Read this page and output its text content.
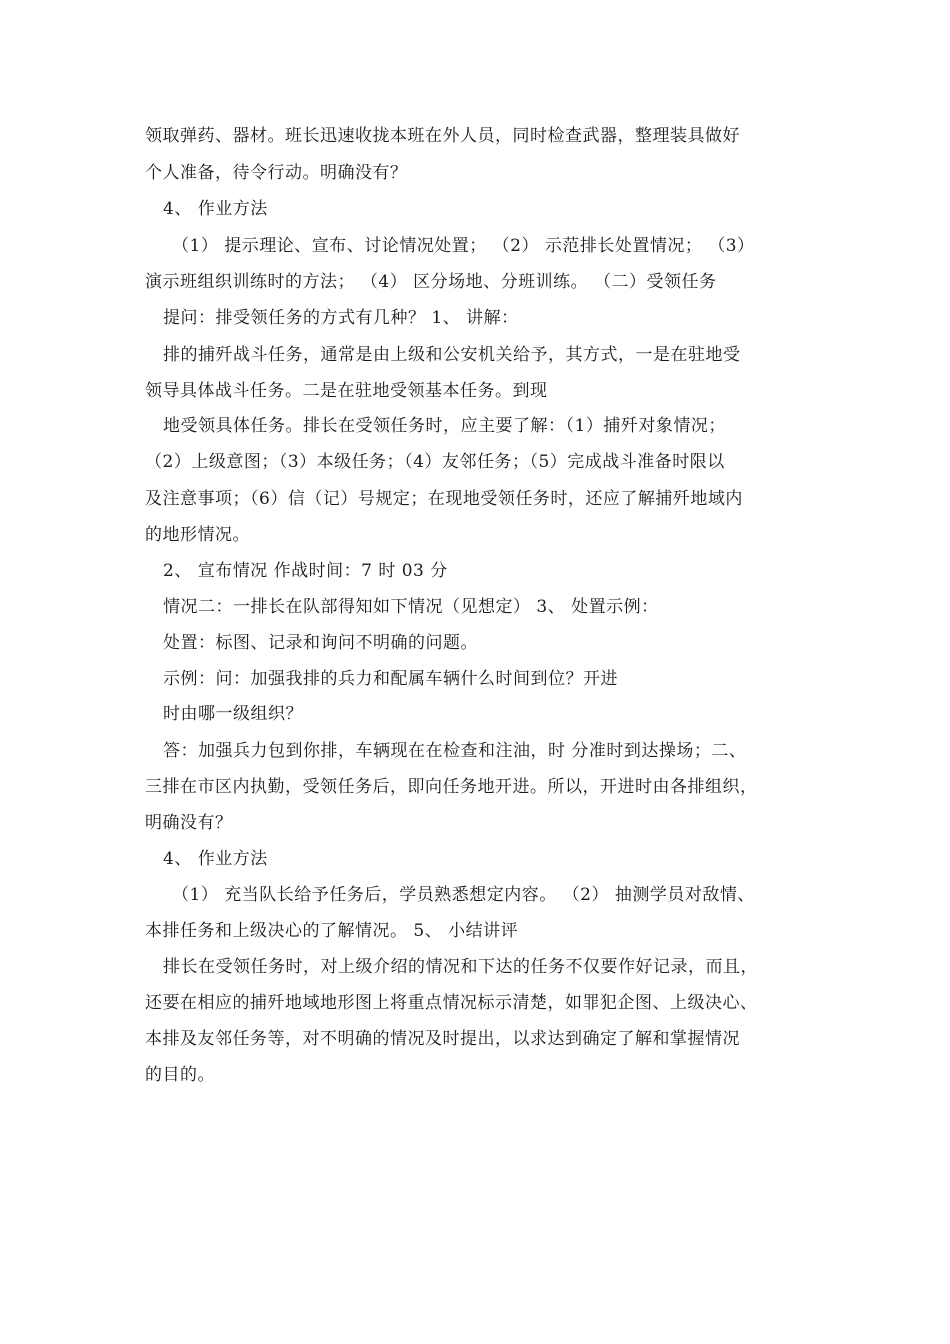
领取弹药、器材。班长迅速收拢本班在外人员，同时检查武器，整理装具做好
个人准备，待令行动。明确没有？
4、 作业方法
（1） 提示理论、宣布、讨论情况处置； （2） 示范排长处置情况； （3）
演示班组织训练时的方法； （4） 区分场地、分班训练。 （二）受领任务
提问：排受领任务的方式有几种？ 1、 讲解：
排的捕歼战斗任务，通常是由上级和公安机关给予，其方式，一是在驻地受
领导具体战斗任务。二是在驻地受领基本任务。到现
地受领具体任务。排长在受领任务时，应主要了解：（1）捕歼对象情况；
（2）上级意图；（3）本级任务；（4）友邻任务；（5）完成战斗准备时限以
及注意事项；（6）信（记）号规定；在现地受领任务时，还应了解捕歼地域内
的地形情况。
2、 宣布情况 作战时间：7 时 03 分
情况二：一排长在队部得知如下情况（见想定） 3、 处置示例：
处置：标图、记录和询问不明确的问题。
示例：问：加强我排的兵力和配属车辆什么时间到位？开进
时由哪一级组织？
答：加强兵力包到你排，车辆现在在检查和注油，时 分准时到达操场；二、
三排在市区内执勤，受领任务后，即向任务地开进。所以，开进时由各排组织，
明确没有？
4、 作业方法
（1） 充当队长给予任务后，学员熟悉想定内容。 （2） 抽测学员对敌情、
本排任务和上级决心的了解情况。 5、 小结讲评
排长在受领任务时，对上级介绍的情况和下达的任务不仅要作好记录，而且，
还要在相应的捕歼地域地形图上将重点情况标示清楚，如罪犯企图、上级决心、
本排及友邻任务等，对不明确的情况及时提出，以求达到确定了解和掌握情况
的目的。
